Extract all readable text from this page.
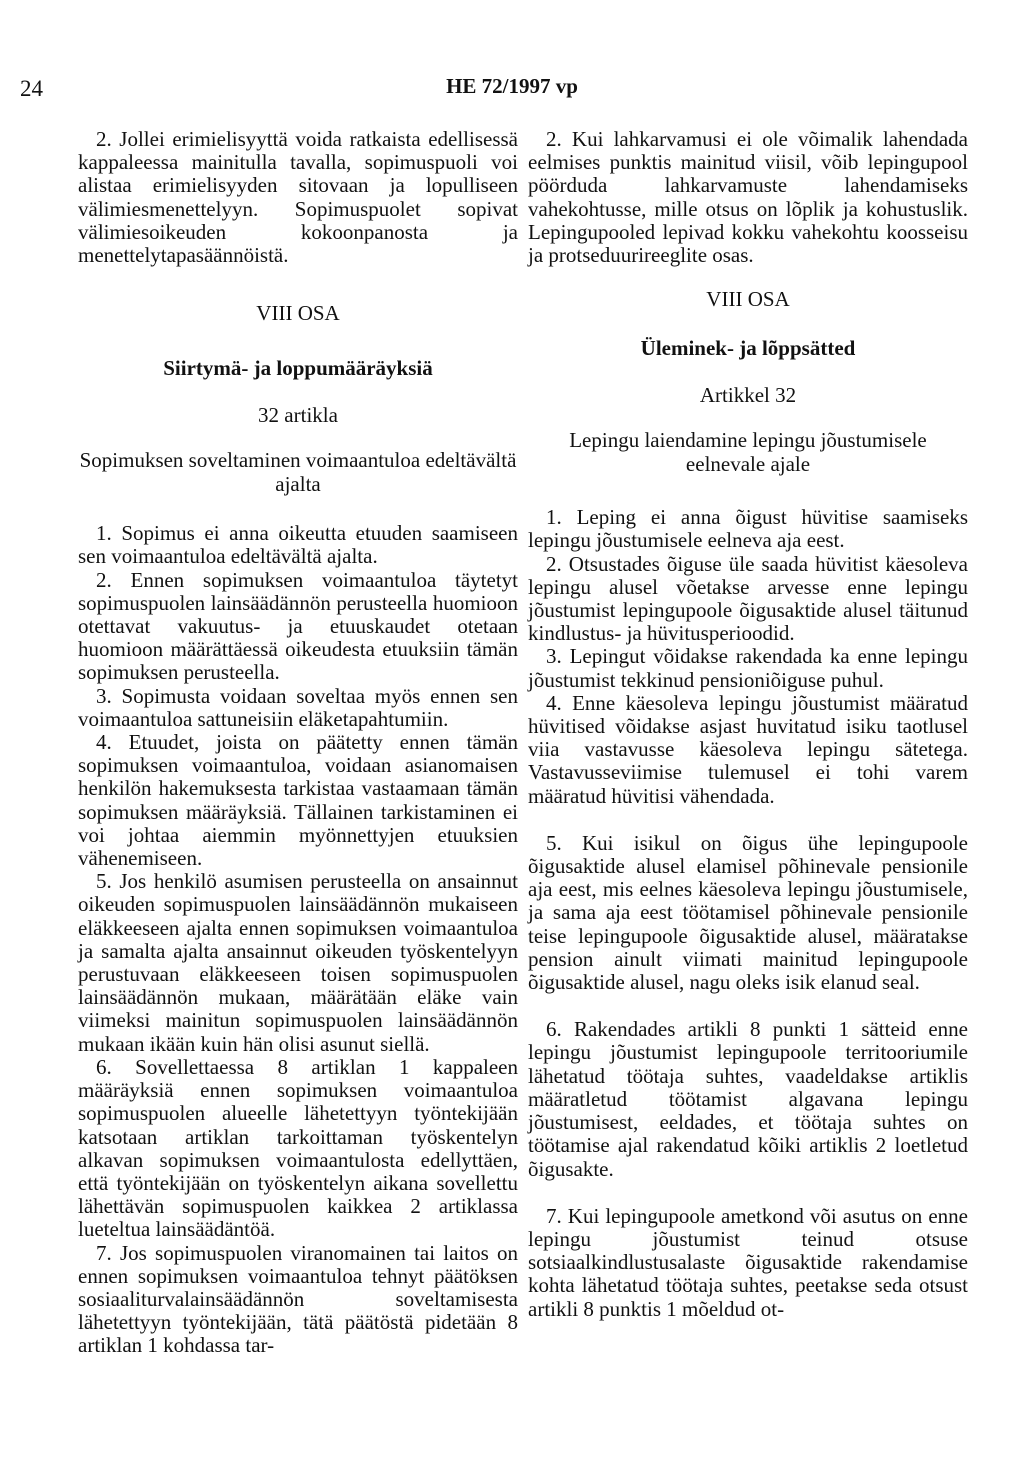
24	HE 72/1997 vp

2. Jollei erimielisyyttä voida ratkaista edellisessä kappaleessa mainitulla tavalla, sopimuspuoli voi alistaa erimielisyyden sitovaan ja lopulliseen välimiesmenettelyyn. Sopimuspuolet sopivat välimiesoikeuden kokoonpanosta ja menettelytapasäännöistä.

VIII OSA

Siirtymä- ja loppumääräyksiä

32 artikla

Sopimuksen soveltaminen voimaantuloa edeltävältä ajalta

1. Sopimus ei anna oikeutta etuuden saamiseen sen voimaantuloa edeltävältä ajalta.

2. Ennen sopimuksen voimaantuloa täytetyt sopimuspuolen lainsäädännön perusteella huomioon otettavat vakuutus- ja etuuskaudet otetaan huomioon määrättäessä oikeudesta etuuksiin tämän sopimuksen perusteella.

3. Sopimusta voidaan soveltaa myös ennen sen voimaantuloa sattuneisiin eläketapahtumiin.

4. Etuudet, joista on päätetty ennen tämän sopimuksen voimaantuloa, voidaan asianomaisen henkilön hakemuksesta tarkistaa vastaamaan tämän sopimuksen määräyksiä. Tällainen tarkistaminen ei voi johtaa aiemmin myönnettyjen etuuksien vähenemiseen.

5. Jos henkilö asumisen perusteella on ansainnut oikeuden sopimuspuolen lainsäädännön mukaiseen eläkkeeseen ajalta ennen sopimuksen voimaantuloa ja samalta ajalta ansainnut oikeuden työskentelyyn perustuvaan eläkkeeseen toisen sopimuspuolen lainsäädännön mukaan, määrätään eläke vain viimeksi mainitun sopimuspuolen lainsäädännön mukaan ikään kuin hän olisi asunut siellä.

6. Sovellettaessa 8 artiklan 1 kappaleen määräyksiä ennen sopimuksen voimaantuloa sopimuspuolen alueelle lähetettyyn työntekijään katsotaan artiklan tarkoittaman työskentelyn alkavan sopimuksen voimaantulosta edellyttäen, että työntekijään on työskentelyn aikana sovellettu lähettävän sopimuspuolen kaikkea 2 artiklassa lueteltua lainsäädäntöä.

7. Jos sopimuspuolen viranomainen tai laitos on ennen sopimuksen voimaantuloa tehnyt päätöksen sosiaaliturvalainsäädännön soveltamisesta lähetettyyn työntekijään, tätä päätöstä pidetään 8 artiklan 1 kohdassa tar-

2. Kui lahkarvamusi ei ole võimalik lahendada eelmises punktis mainitud viisil, võib lepingupool pöörduda lahkarvamuste lahendamiseks vahekohtusse, mille otsus on lõplik ja kohustuslik. Lepingupooled lepivad kokku vahekohtu koosseisu ja protseduurireeglite osas.

VIII OSA

Üleminek- ja lõppsätted

Artikkel 32

Lepingu laiendamine lepingu jõustumisele eelnevale ajale

1. Leping ei anna õigust hüvitise saamiseks lepingu jõustumisele eelneva aja eest.

2. Otsustades õiguse üle saada hüvitist käesoleva lepingu alusel võetakse arvesse enne lepingu jõustumist lepingupoole õigusaktide alusel täitunud kindlustus- ja hüvitusperioodid.

3. Lepingut võidakse rakendada ka enne lepingu jõustumist tekkinud pensioniõiguse puhul.

4. Enne käesoleva lepingu jõustumist määratud hüvitised võidakse asjast huvitatud isiku taotlusel viia vastavusse käesoleva lepingu sätetega. Vastavusseviimise tulemusel ei tohi varem määratud hüvitisi vähendada.

5. Kui isikul on õigus ühe lepingupoole õigusaktide alusel elamisel põhinevale pensionile aja eest, mis eelnes käesoleva lepingu jõustumisele, ja sama aja eest töötamisel põhinevale pensionile teise lepingupoole õigusaktide alusel, määratakse pension ainult viimati mainitud lepingupoole õigusaktide alusel, nagu oleks isik elanud seal.

6. Rakendades artikli 8 punkti 1 sätteid enne lepingu jõustumist lepingupoole territooriumile lähetatud töötaja suhtes, vaadeldakse artiklis määratletud töötamist algavana lepingu jõustumisest, eeldades, et töötaja suhtes on töötamise ajal rakendatud kõiki artiklis 2 loetletud õigusakte.

7. Kui lepingupoole ametkond või asutus on enne lepingu jõustumist teinud otsuse sotsiaalkindlustusalaste õigusaktide rakendamise kohta lähetatud töötaja suhtes, peetakse seda otsust artikli 8 punktis 1 mõeldud ot-
